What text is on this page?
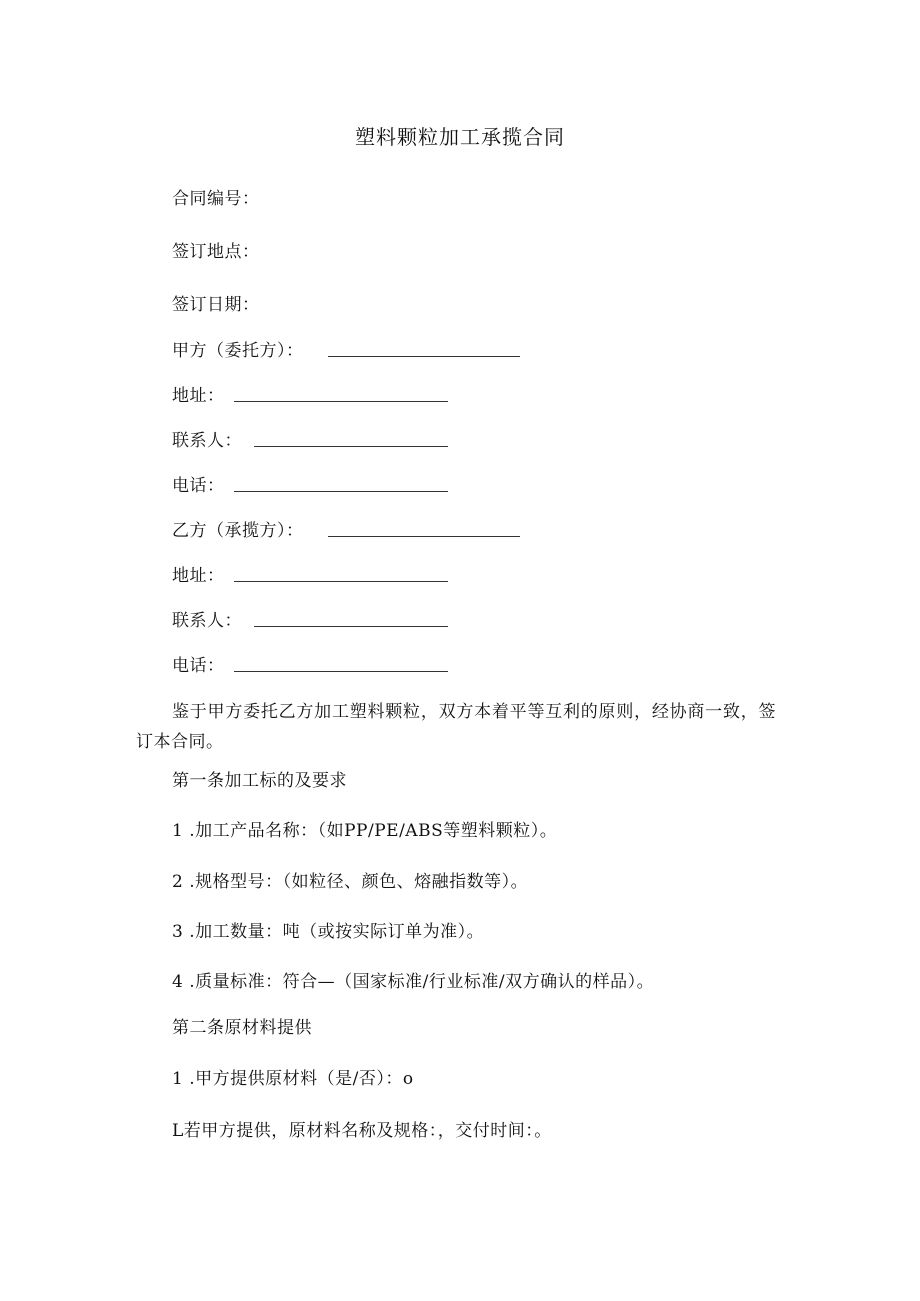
塑料颗粒加工承揽合同
合同编号：
签订地点：
签订日期：
甲方（委托方）：
地址：
联系人：
电话：
乙方（承揽方）：
地址：
联系人：
电话：
鉴于甲方委托乙方加工塑料颗粒，双方本着平等互利的原则，经协商一致，签订本合同。
第一条加工标的及要求
1 .加工产品名称：（如PP/PE/ABS等塑料颗粒）。
2 .规格型号：（如粒径、颜色、熔融指数等）。
3 .加工数量：吨（或按实际订单为准）。
4 .质量标准：符合—（国家标准/行业标准/双方确认的样品）。
第二条原材料提供
1 .甲方提供原材料（是/否）：o
L若甲方提供，原材料名称及规格：，交付时间：。
